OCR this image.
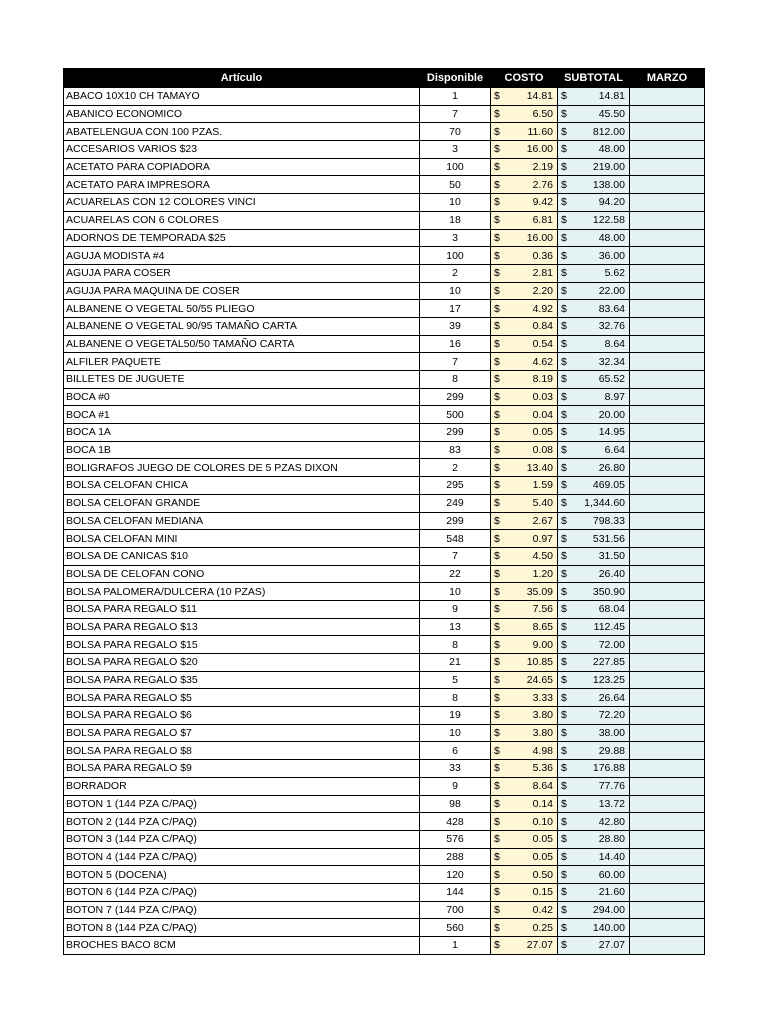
Artículo	Disponible	COSTO	SUBTOTAL	MARZO
ABACO 10X10 CH TAMAYO	1	$ 14.81	$ 14.81	

ABANICO ECONOMICO	7	$ 6.50	$ 45.50	

ABATELENGUA CON 100 PZAS.	70	$ 11.60	$ 812.00	

ACCESARIOS VARIOS $23	3	$ 16.00	$ 48.00	

ACETATO PARA COPIADORA	100	$ 2.19	$ 219.00	

ACETATO PARA IMPRESORA	50	$ 2.76	$ 138.00	

ACUARELAS CON 12 COLORES VINCI	10	$ 9.42	$ 94.20	

ACUARELAS CON 6 COLORES	18	$ 6.81	$ 122.58	

ADORNOS DE TEMPORADA $25	3	$ 16.00	$ 48.00	

AGUJA MODISTA #4	100	$ 0.36	$ 36.00	

AGUJA PARA COSER	2	$ 2.81	$ 5.62	

AGUJA PARA MAQUINA DE COSER	10	$ 2.20	$ 22.00	

ALBANENE O VEGETAL 50/55 PLIEGO	17	$ 4.92	$ 83.64	

ALBANENE O VEGETAL 90/95 TAMAÑO CARTA	39	$ 0.84	$ 32.76	

ALBANENE O VEGETAL50/50 TAMAÑO CARTA	16	$ 0.54	$ 8.64	

ALFILER PAQUETE	7	$ 4.62	$ 32.34	

BILLETES DE JUGUETE	8	$ 8.19	$ 65.52	

BOCA #0	299	$ 0.03	$ 8.97	

BOCA #1	500	$ 0.04	$ 20.00	

BOCA 1A	299	$ 0.05	$ 14.95	

BOCA 1B	83	$ 0.08	$ 6.64	

BOLIGRAFOS JUEGO DE COLORES DE 5 PZAS DIXON	2	$ 13.40	$ 26.80	

BOLSA CELOFAN CHICA	295	$ 1.59	$ 469.05	

BOLSA CELOFAN GRANDE	249	$ 5.40	$ 1,344.60	

BOLSA CELOFAN MEDIANA	299	$ 2.67	$ 798.33	

BOLSA CELOFAN MINI	548	$ 0.97	$ 531.56	

BOLSA DE CANICAS $10	7	$ 4.50	$ 31.50	

BOLSA DE CELOFAN CONO	22	$ 1.20	$ 26.40	

BOLSA PALOMERA/DULCERA (10 PZAS)	10	$ 35.09	$ 350.90	

BOLSA PARA REGALO $11	9	$ 7.56	$ 68.04	

BOLSA PARA REGALO $13	13	$ 8.65	$ 112.45	

BOLSA PARA REGALO $15	8	$ 9.00	$ 72.00	

BOLSA PARA REGALO $20	21	$ 10.85	$ 227.85	

BOLSA PARA REGALO $35	5	$ 24.65	$ 123.25	

BOLSA PARA REGALO $5	8	$ 3.33	$ 26.64	

BOLSA PARA REGALO $6	19	$ 3.80	$ 72.20	

BOLSA PARA REGALO $7	10	$ 3.80	$ 38.00	

BOLSA PARA REGALO $8	6	$ 4.98	$ 29.88	

BOLSA PARA REGALO $9	33	$ 5.36	$ 176.88	

BORRADOR	9	$ 8.64	$ 77.76	

BOTON 1 (144 PZA C/PAQ)	98	$ 0.14	$ 13.72	

BOTON 2 (144 PZA C/PAQ)	428	$ 0.10	$ 42.80	

BOTON 3 (144 PZA C/PAQ)	576	$ 0.05	$ 28.80	

BOTON 4 (144 PZA C/PAQ)	288	$ 0.05	$ 14.40	

BOTON 5 (DOCENA)	120	$ 0.50	$ 60.00	

BOTON 6 (144 PZA C/PAQ)	144	$ 0.15	$ 21.60	

BOTON 7 (144 PZA C/PAQ)	700	$ 0.42	$ 294.00	

BOTON 8 (144 PZA C/PAQ)	560	$ 0.25	$ 140.00	

BROCHES BACO 8CM	1	$ 27.07	$ 27.07	
